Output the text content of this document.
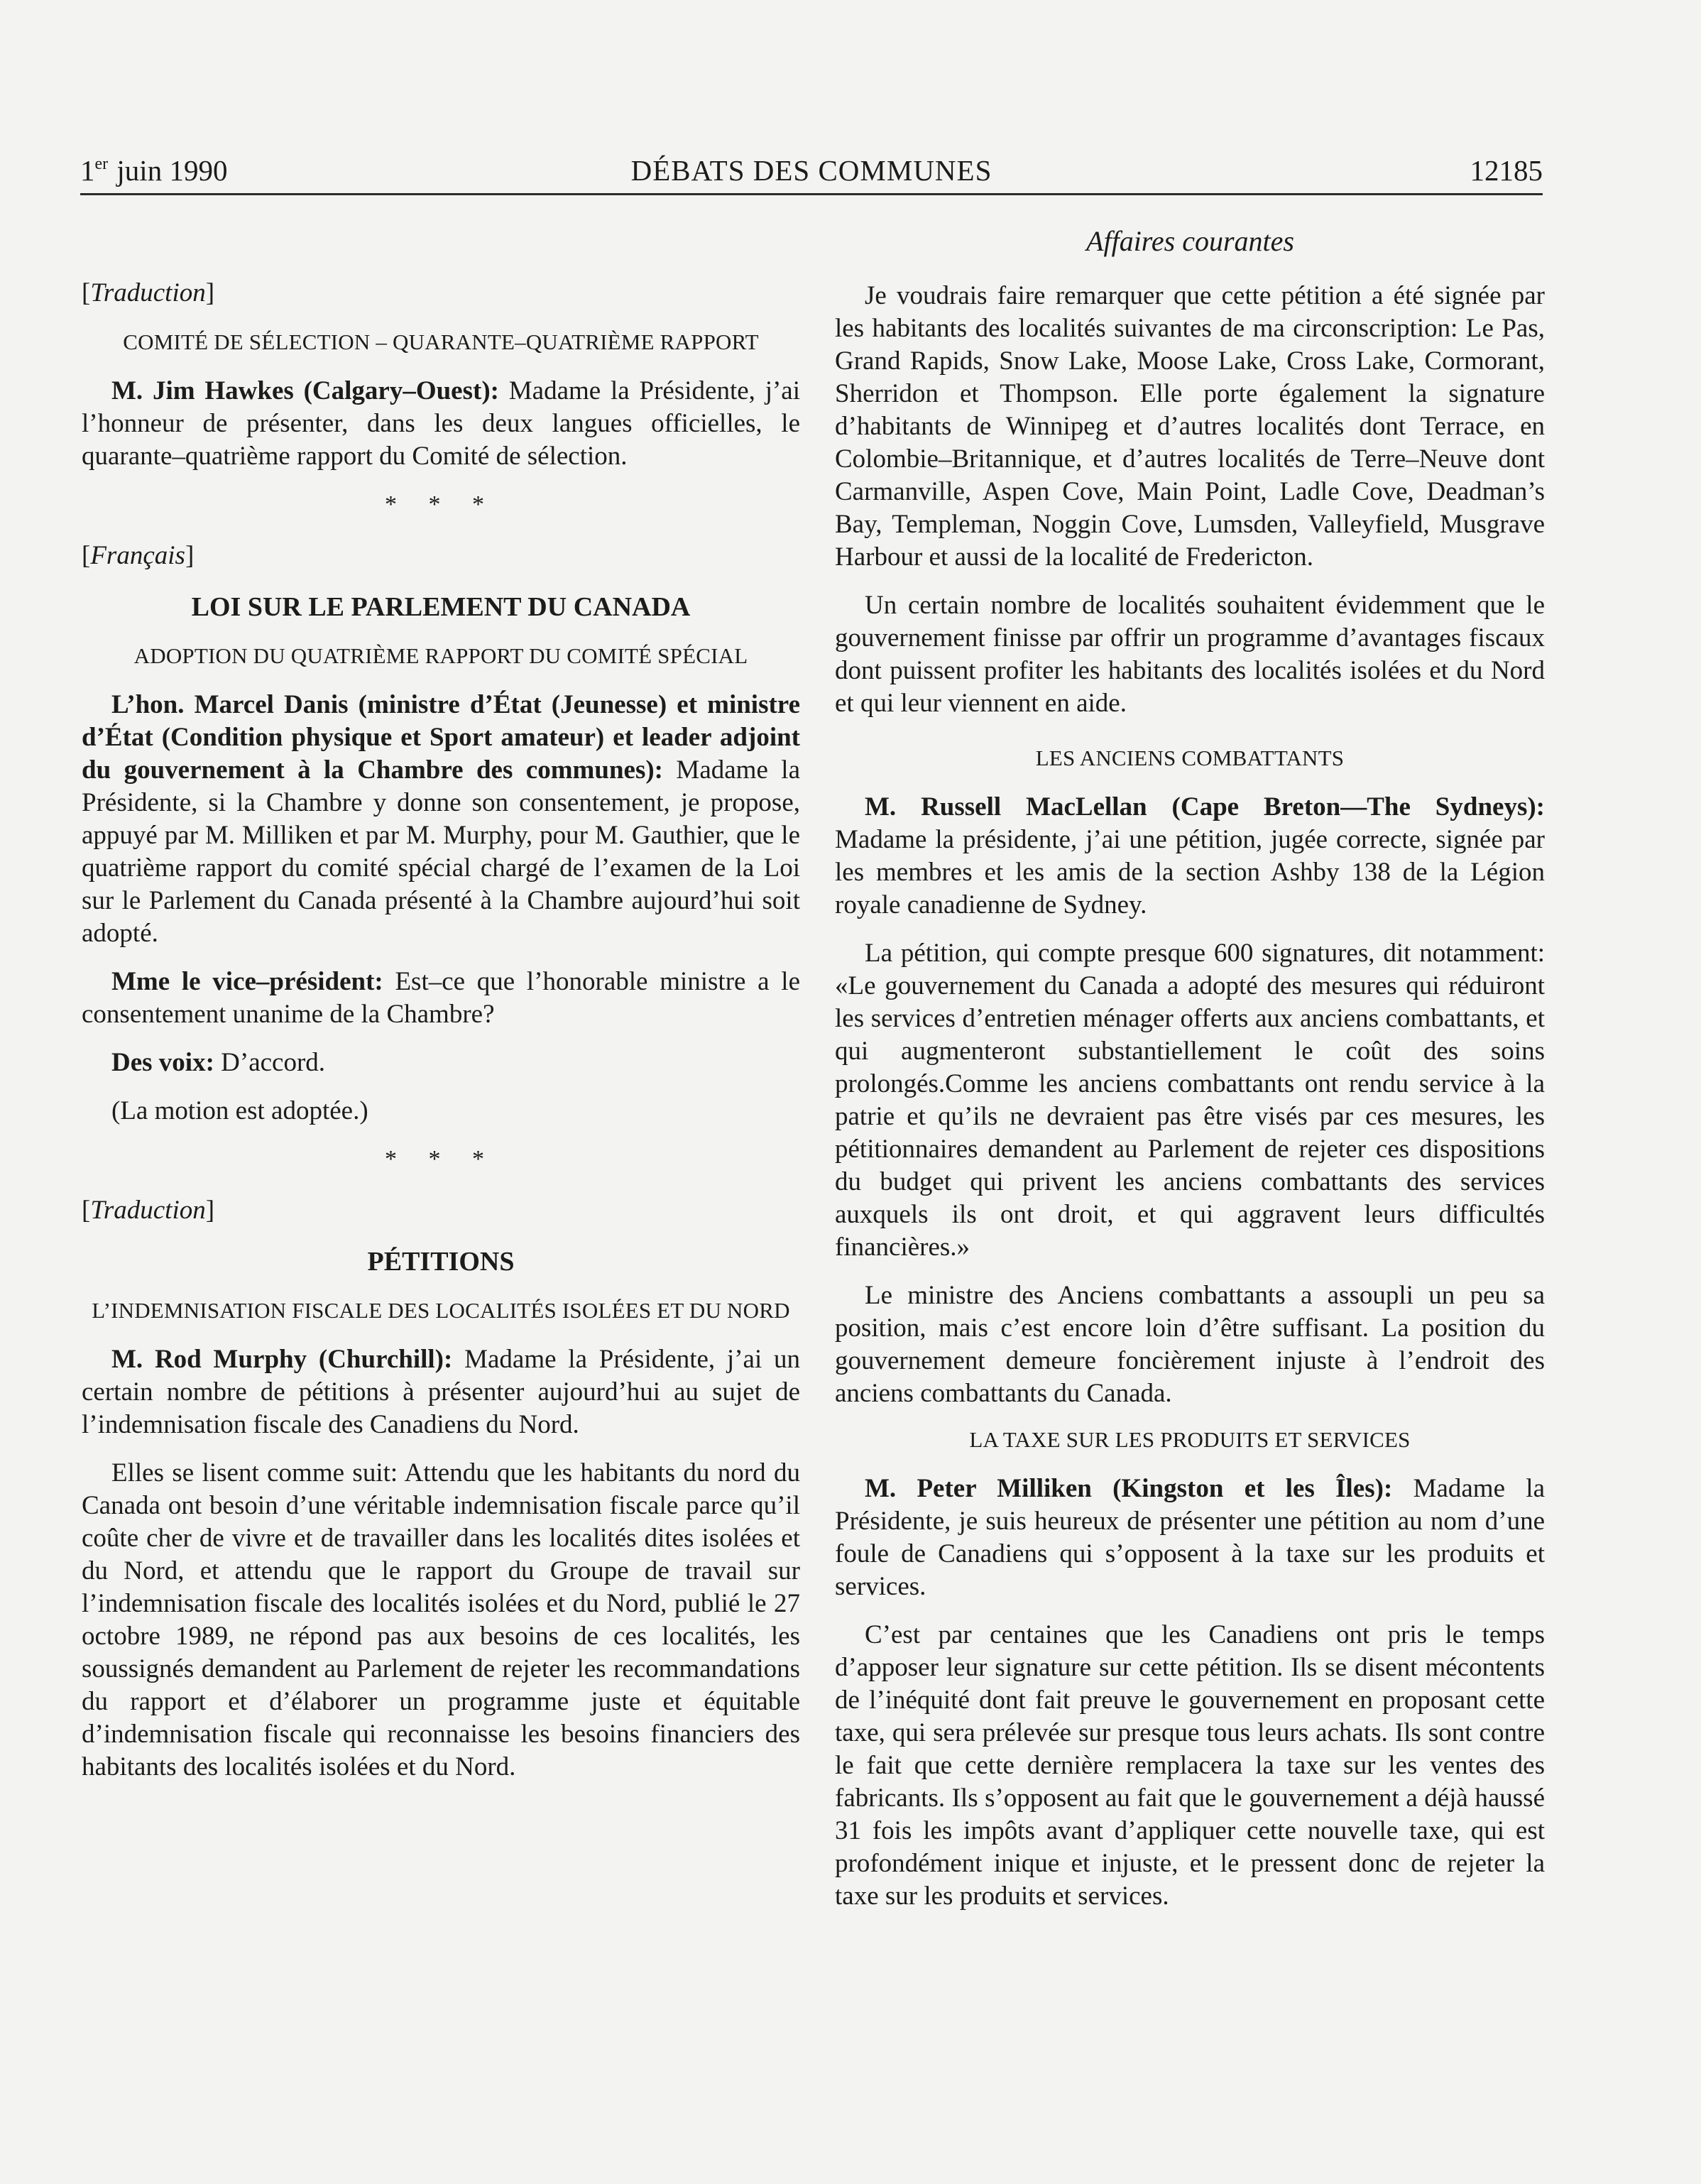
1er juin 1990	DÉBATS DES COMMUNES	12185
Affaires courantes
[Traduction]
COMITÉ DE SÉLECTION – QUARANTE–QUATRIÈME RAPPORT

M. Jim Hawkes (Calgary–Ouest): Madame la Présidente, j’ai l’honneur de présenter, dans les deux langues officielles, le quarante–quatrième rapport du Comité de sélection.

* * *
[Français]
LOI SUR LE PARLEMENT DU CANADA
ADOPTION DU QUATRIÈME RAPPORT DU COMITÉ SPÉCIAL

L’hon. Marcel Danis (ministre d’État (Jeunesse) et ministre d’État (Condition physique et Sport amateur) et leader adjoint du gouvernement à la Chambre des communes): Madame la Présidente, si la Chambre y donne son consentement, je propose, appuyé par M. Milliken et par M. Murphy, pour M. Gauthier, que le quatrième rapport du comité spécial chargé de l’examen de la Loi sur le Parlement du Canada présenté à la Chambre aujourd’hui soit adopté.

Mme le vice–président: Est–ce que l’honorable ministre a le consentement unanime de la Chambre?

Des voix: D’accord.

(La motion est adoptée.)

* * *
[Traduction]
PÉTITIONS
L’INDEMNISATION FISCALE DES LOCALITÉS ISOLÉES ET DU NORD

M. Rod Murphy (Churchill): Madame la Présidente, j’ai un certain nombre de pétitions à présenter aujourd’hui au sujet de l’indemnisation fiscale des Canadiens du Nord.

Elles se lisent comme suit: Attendu que les habitants du nord du Canada ont besoin d’une véritable indemnisation fiscale parce qu’il coûte cher de vivre et de travailler dans les localités dites isolées et du Nord, et attendu que le rapport du Groupe de travail sur l’indemnisation fiscale des localités isolées et du Nord, publié le 27 octobre 1989, ne répond pas aux besoins de ces localités, les soussignés demandent au Parlement de rejeter les recommandations du rapport et d’élaborer un programme juste et équitable d’indemnisation fiscale qui reconnaisse les besoins financiers des habitants des localités isolées et du Nord.

Je voudrais faire remarquer que cette pétition a été signée par les habitants des localités suivantes de ma circonscription: Le Pas, Grand Rapids, Snow Lake, Moose Lake, Cross Lake, Cormorant, Sherridon et Thompson. Elle porte également la signature d’habitants de Winnipeg et d’autres localités dont Terrace, en Colombie–Britannique, et d’autres localités de Terre–Neuve dont Carmanville, Aspen Cove, Main Point, Ladle Cove, Deadman’s Bay, Templeman, Noggin Cove, Lumsden, Valleyfield, Musgrave Harbour et aussi de la localité de Fredericton.

Un certain nombre de localités souhaitent évidemment que le gouvernement finisse par offrir un programme d’avantages fiscaux dont puissent profiter les habitants des localités isolées et du Nord et qui leur viennent en aide.

LES ANCIENS COMBATTANTS

M. Russell MacLellan (Cape Breton—The Sydneys): Madame la présidente, j’ai une pétition, jugée correcte, signée par les membres et les amis de la section Ashby 138 de la Légion royale canadienne de Sydney.

La pétition, qui compte presque 600 signatures, dit notamment: «Le gouvernement du Canada a adopté des mesures qui réduiront les services d’entretien ménager offerts aux anciens combattants, et qui augmenteront substantiellement le coût des soins prolongés.Comme les anciens combattants ont rendu service à la patrie et qu’ils ne devraient pas être visés par ces mesures, les pétitionnaires demandent au Parlement de rejeter ces dispositions du budget qui privent les anciens combattants des services auxquels ils ont droit, et qui aggravent leurs difficultés financières.»

Le ministre des Anciens combattants a assoupli un peu sa position, mais c’est encore loin d’être suffisant. La position du gouvernement demeure foncièrement injuste à l’endroit des anciens combattants du Canada.

LA TAXE SUR LES PRODUITS ET SERVICES

M. Peter Milliken (Kingston et les Îles): Madame la Présidente, je suis heureux de présenter une pétition au nom d’une foule de Canadiens qui s’opposent à la taxe sur les produits et services.

C’est par centaines que les Canadiens ont pris le temps d’apposer leur signature sur cette pétition. Ils se disent mécontents de l’inéquité dont fait preuve le gouvernement en proposant cette taxe, qui sera prélevée sur presque tous leurs achats. Ils sont contre le fait que cette dernière remplacera la taxe sur les ventes des fabricants. Ils s’opposent au fait que le gouvernement a déjà haussé 31 fois les impôts avant d’appliquer cette nouvelle taxe, qui est profondément inique et injuste, et le pressent donc de rejeter la taxe sur les produits et services.
